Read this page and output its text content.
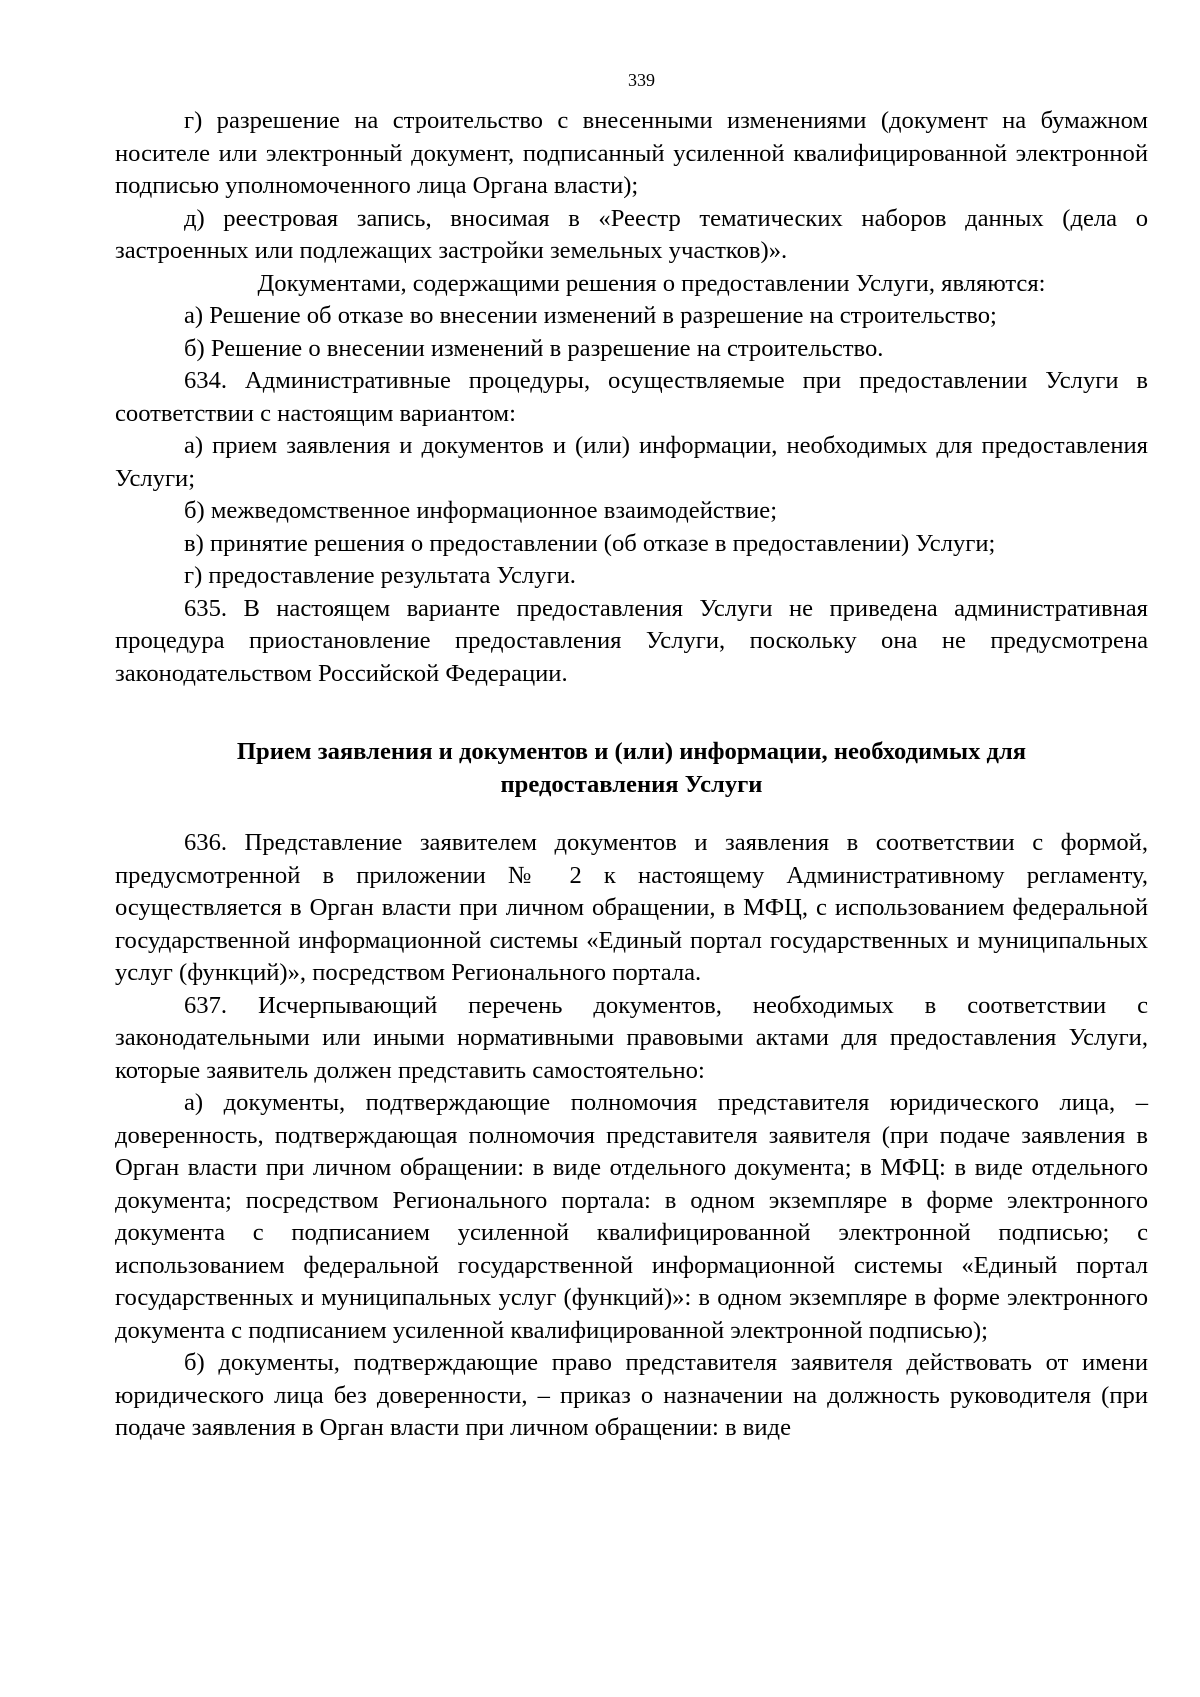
339

г) разрешение на строительство с внесенными изменениями (документ на бумажном носителе или электронный документ, подписанный усиленной квалифицированной электронной подписью уполномоченного лица Органа власти);

д) реестровая запись, вносимая в «Реестр тематических наборов данных (дела о застроенных или подлежащих застройки земельных участков)».

Документами, содержащими решения о предоставлении Услуги, являются:

а) Решение об отказе во внесении изменений в разрешение на строительство;

б) Решение о внесении изменений в разрешение на строительство.

634. Административные процедуры, осуществляемые при предоставлении Услуги в соответствии с настоящим вариантом:

а) прием заявления и документов и (или) информации, необходимых для предоставления Услуги;

б) межведомственное информационное взаимодействие;

в) принятие решения о предоставлении (об отказе в предоставлении) Услуги;

г) предоставление результата Услуги.

635. В настоящем варианте предоставления Услуги не приведена административная процедура приостановление предоставления Услуги, поскольку она не предусмотрена законодательством Российской Федерации.

Прием заявления и документов и (или) информации, необходимых для
предоставления Услуги

636. Представление заявителем документов и заявления в соответствии с формой, предусмотренной в приложении № 2 к настоящему Административному регламенту, осуществляется в Орган власти при личном обращении, в МФЦ, с использованием федеральной государственной информационной системы «Единый портал государственных и муниципальных услуг (функций)», посредством Регионального портала.

637. Исчерпывающий перечень документов, необходимых в соответствии с законодательными или иными нормативными правовыми актами для предоставления Услуги, которые заявитель должен представить самостоятельно:

а) документы, подтверждающие полномочия представителя юридического лица, – доверенность, подтверждающая полномочия представителя заявителя (при подаче заявления в Орган власти при личном обращении: в виде отдельного документа; в МФЦ: в виде отдельного документа; посредством Регионального портала: в одном экземпляре в форме электронного документа с подписанием усиленной квалифицированной электронной подписью; с использованием федеральной государственной информационной системы «Единый портал государственных и муниципальных услуг (функций)»: в одном экземпляре в форме электронного документа с подписанием усиленной квалифицированной электронной подписью);

б) документы, подтверждающие право представителя заявителя действовать от имени юридического лица без доверенности, – приказ о назначении на должность руководителя (при подаче заявления в Орган власти при личном обращении: в виде
